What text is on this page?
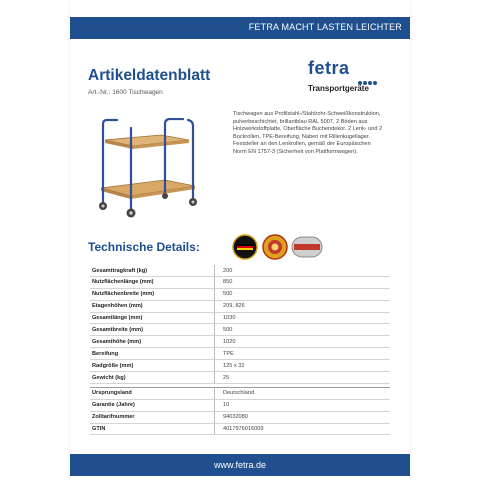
FETRA MACHT LASTEN LEICHTER
Artikeldatenblatt
Art.-Nr.: 1600 Tischwagen
fetra
Transportgeräte
Tischwagen aus Profilstahl-/Stahlrohr-Schweißkonstruktion, pulverbeschichtet, brillantblau RAL 5007, 2 Böden aus Holzwerkstoffplatte, Oberfläche Buchendekor. 2 Lenk- und 2 Bockrollen, TPE-Bereifung, Naben mit Rillenkugellager. Feststeller an den Lenkrollen, gemäß der Europäischen Norm EN 1757-3 (Sicherheit von Plattformwagen).
Technische Details:
Gesamttragkraft (kg)	200
Nutzflächenlänge (mm)	850
Nutzflächenbreite (mm)	500
Etagenhöhen (mm)	209, 826
Gesamtlänge (mm)	1030
Gesamtbreite (mm)	500
Gesamthöhe (mm)	1020
Bereifung	TPE
Radgröße (mm)	125 x 32
Gewicht (kg)	25
Ursprungsland	Deutschland
Garantie (Jahre)	10
Zolltarifnummer	94032080
GTIN	4017976016009
www.fetra.de
